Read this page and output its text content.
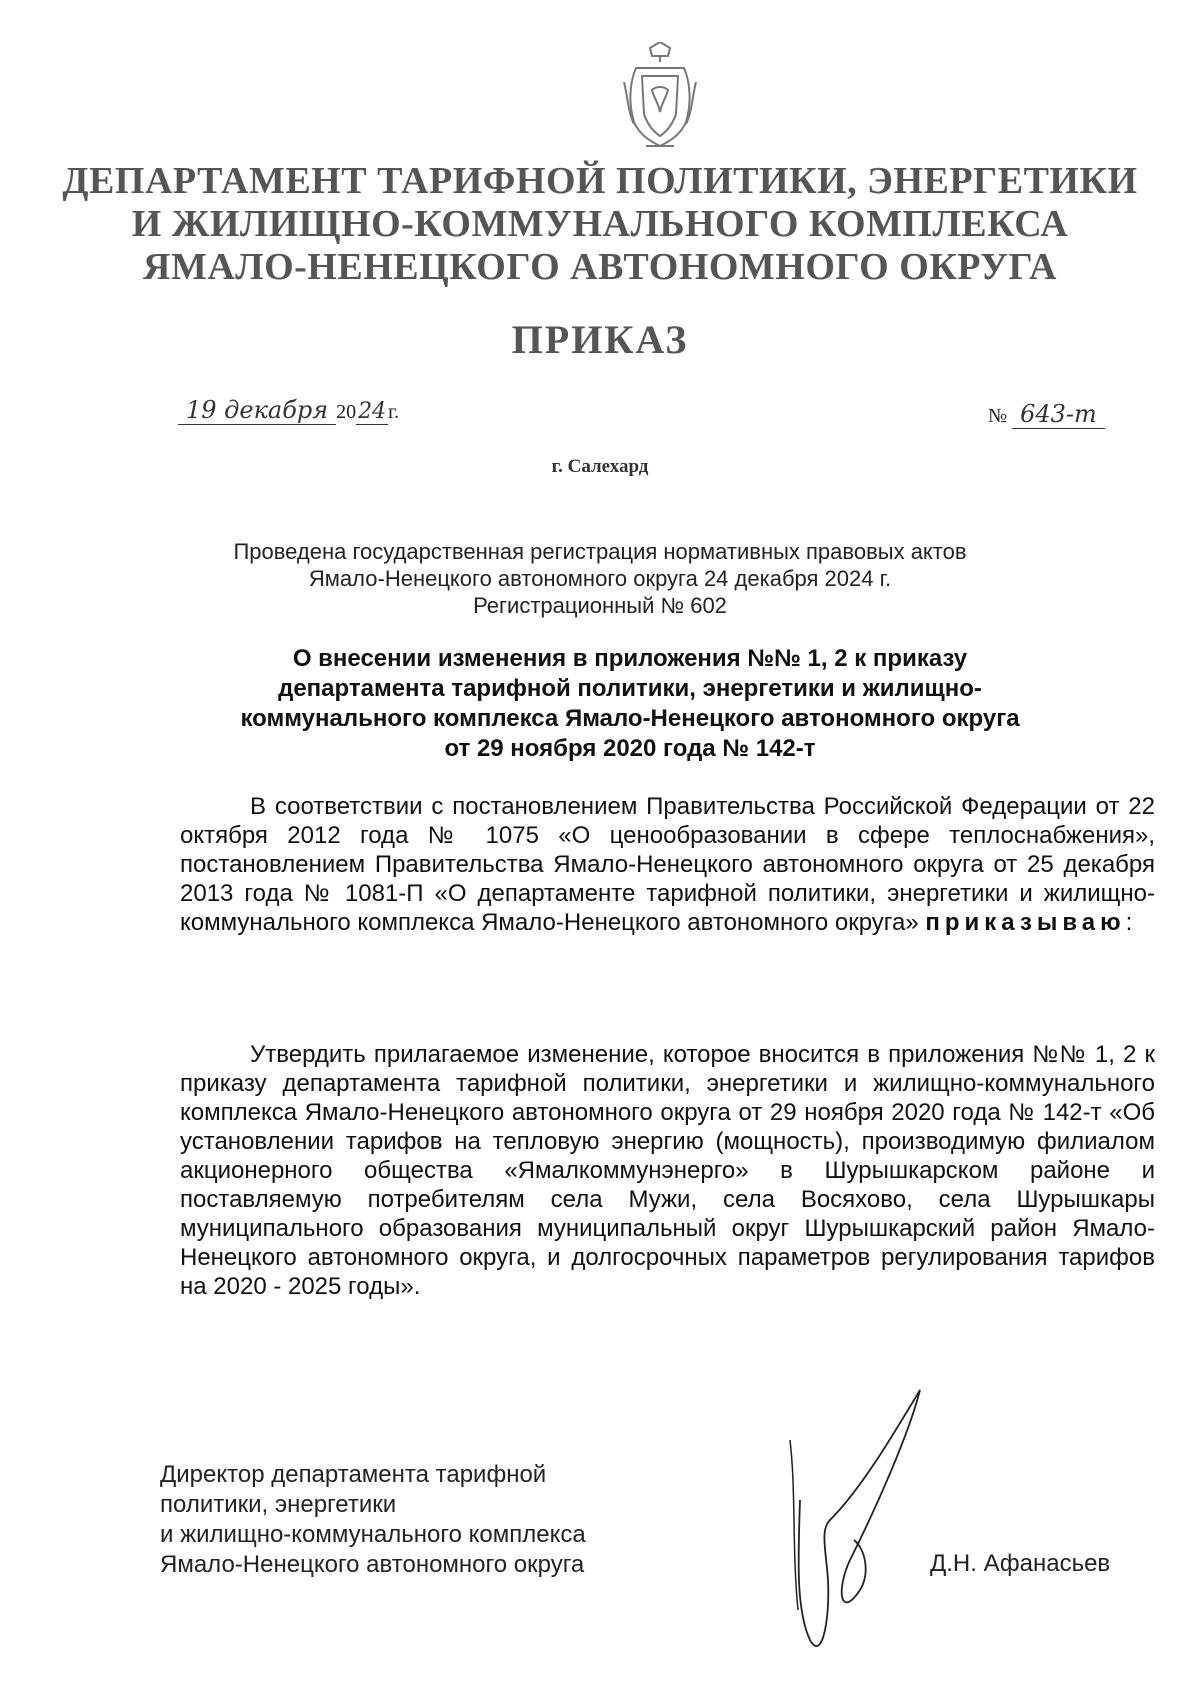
ДЕПАРТАМЕНТ ТАРИФНОЙ ПОЛИТИКИ, ЭНЕРГЕТИКИ
И ЖИЛИЩНО-КОММУНАЛЬНОГО КОМПЛЕКСА
ЯМАЛО-НЕНЕЦКОГО АВТОНОМНОГО ОКРУГА
ПРИКАЗ
19 декабря 2024 г.	№ 643-т
г. Салехард
Проведена государственная регистрация нормативных правовых актов
Ямало-Ненецкого автономного округа 24 декабря 2024 г.
Регистрационный № 602
О внесении изменения в приложения №№ 1, 2 к приказу
департамента тарифной политики, энергетики и жилищно-
коммунального комплекса Ямало-Ненецкого автономного округа
от 29 ноября 2020 года № 142-т
В соответствии с постановлением Правительства Российской Федерации от 22 октября 2012 года № 1075 «О ценообразовании в сфере теплоснабжения», постановлением Правительства Ямало-Ненецкого автономного округа от 25 декабря 2013 года № 1081-П «О департаменте тарифной политики, энергетики и жилищно-коммунального комплекса Ямало-Ненецкого автономного округа» приказываю:
Утвердить прилагаемое изменение, которое вносится в приложения №№ 1, 2 к приказу департамента тарифной политики, энергетики и жилищно-коммунального комплекса Ямало-Ненецкого автономного округа от 29 ноября 2020 года № 142-т «Об установлении тарифов на тепловую энергию (мощность), производимую филиалом акционерного общества «Ямалкоммунэнерго» в Шурышкарском районе и поставляемую потребителям села Мужи, села Восяхово, села Шурышкары муниципального образования муниципальный округ Шурышкарский район Ямало-Ненецкого автономного округа, и долгосрочных параметров регулирования тарифов на 2020 - 2025 годы».
Директор департамента тарифной
политики, энергетики
и жилищно-коммунального комплекса
Ямало-Ненецкого автономного округа	Д.Н. Афанасьев
